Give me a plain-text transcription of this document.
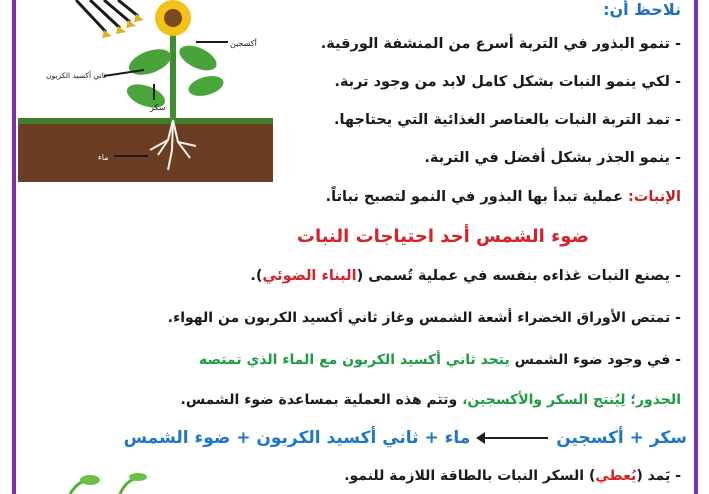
أكسجين
ثاني أكسيد الكربون
سكر
ماء
نلاحظ أن:
- تنمو البذور في التربة أسرع من المنشفة الورقية.
- لكي ينمو النبات بشكل كامل لابد من وجود تربة.
- تمد التربة النبات بالعناصر الغذائية التي يحتاجها.
- ينمو الجذر بشكل أفضل في التربة.
الإنبات: عملية تبدأ بها البذور في النمو لتصبح نباتاً.
ضوء الشمس أحد احتياجات النبات
- يصنع النبات غذاءه بنفسه في عملية تُسمى (البناء الضوئي).
- تمتص الأوراق الخضراء أشعة الشمس وغاز ثاني أكسيد الكربون من الهواء.
- في وجود ضوء الشمس يتحد ثاني أكسيد الكربون مع الماء الذي تمتصه
الجذور؛ لِيُنتج السكر والأكسجين، وتتم هذه العملية بمساعدة ضوء الشمس.
سكر + أكسجينماء + ثاني أكسيد الكربون + ضوء الشمس
- يَمد (يُعطي) السكر النبات بالطاقة اللازمة للنمو.
